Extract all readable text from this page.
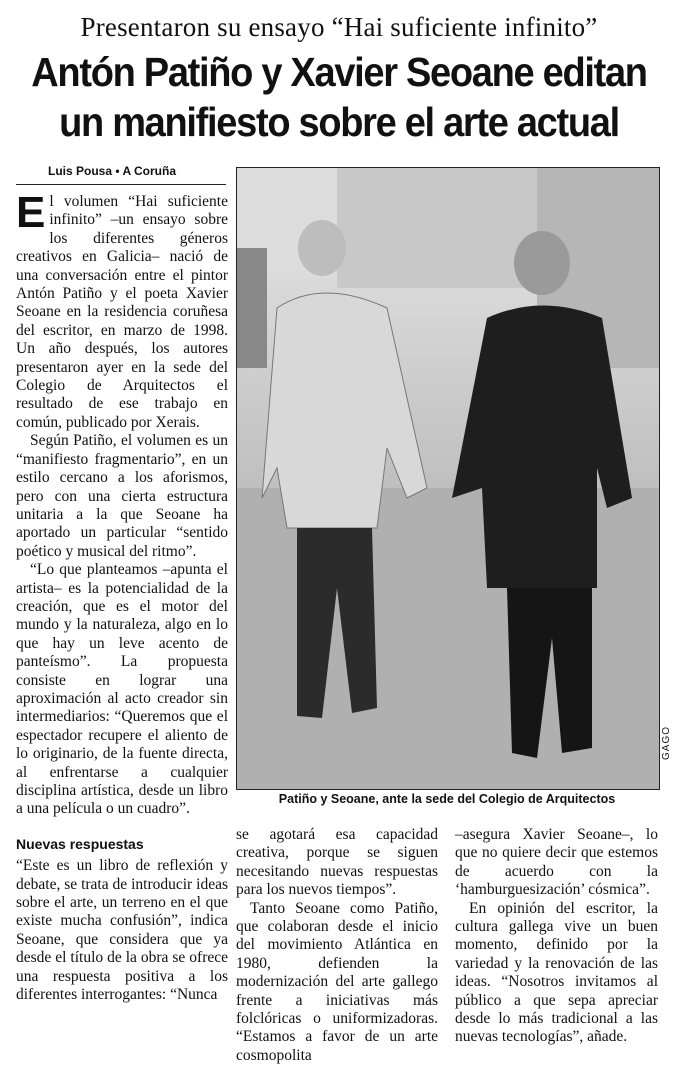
Presentaron su ensayo “Hai suficiente infinito”
Antón Patiño y Xavier Seoane editan
un manifiesto sobre el arte actual
Luis Pousa • A Coruña

El volumen “Hai suficiente infinito” –un ensayo sobre los diferentes géneros creativos en Galicia– nació de una conversación entre el pintor Antón Patiño y el poeta Xavier Seoane en la residencia coruñesa del escritor, en marzo de 1998. Un año después, los autores presentaron ayer en la sede del Colegio de Arquitectos el resultado de ese trabajo en común, publicado por Xerais.

Según Patiño, el volumen es un “manifiesto fragmentario”, en un estilo cercano a los aforismos, pero con una cierta estructura unitaria a la que Seoane ha aportado un particular “sentido poético y musical del ritmo”.

“Lo que planteamos –apunta el artista– es la potencialidad de la creación, que es el motor del mundo y la naturaleza, algo en lo que hay un leve acento de panteísmo”. La propuesta consiste en lograr una aproximación al acto creador sin intermediarios: “Queremos que el espectador recupere el aliento de lo originario, de la fuente directa, al enfrentarse a cualquier disciplina artística, desde un libro a una película o un cuadro”.

Nuevas respuestas

“Este es un libro de reflexión y debate, se trata de introducir ideas sobre el arte, un terreno en el que existe mucha confusión”, indica Seoane, que considera que ya desde el título de la obra se ofrece una respuesta positiva a los diferentes interrogantes: “Nunca

GAGO
Patiño y Seoane, ante la sede del Colegio de Arquitectos

se agotará esa capacidad creativa, porque se siguen necesitando nuevas respuestas para los nuevos tiempos”.

Tanto Seoane como Patiño, que colaboran desde el inicio del movimiento Atlántica en 1980, defienden la modernización del arte gallego frente a iniciativas más folclóricas o uniformizadoras. “Estamos a favor de un arte cosmopolita

–asegura Xavier Seoane–, lo que no quiere decir que estemos de acuerdo con la ‘hamburguesización’ cósmica”.

En opinión del escritor, la cultura gallega vive un buen momento, definido por la variedad y la renovación de las ideas. “Nosotros invitamos al público a que sepa apreciar desde lo más tradicional a las nuevas tecnologías”, añade.
